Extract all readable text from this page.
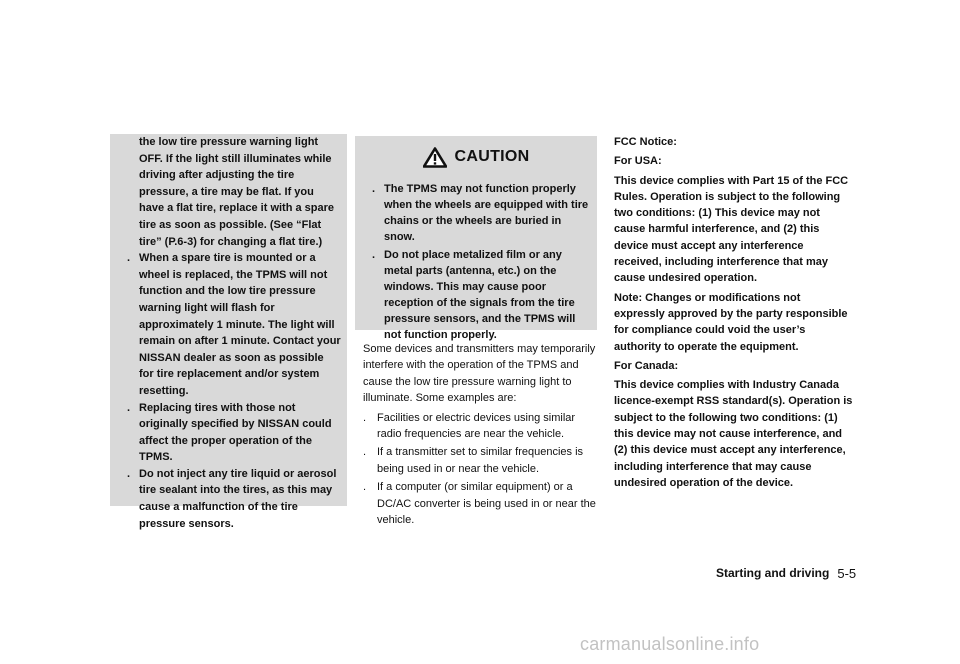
the low tire pressure warning light OFF. If the light still illuminates while driving after adjusting the tire pressure, a tire may be flat. If you have a flat tire, replace it with a spare tire as soon as possible. (See “Flat tire” (P.6-3) for changing a flat tire.)
. When a spare tire is mounted or a wheel is replaced, the TPMS will not function and the low tire pressure warning light will flash for approximately 1 minute. The light will remain on after 1 minute. Contact your NISSAN dealer as soon as possible for tire replacement and/or system resetting.
. Replacing tires with those not originally specified by NISSAN could affect the proper operation of the TPMS.
. Do not inject any tire liquid or aerosol tire sealant into the tires, as this may cause a malfunction of the tire pressure sensors.
CAUTION
. The TPMS may not function properly when the wheels are equipped with tire chains or the wheels are buried in snow.
. Do not place metalized film or any metal parts (antenna, etc.) on the windows. This may cause poor reception of the signals from the tire pressure sensors, and the TPMS will not function properly.

Some devices and transmitters may temporarily interfere with the operation of the TPMS and cause the low tire pressure warning light to illuminate. Some examples are:

. Facilities or electric devices using similar radio frequencies are near the vehicle.
. If a transmitter set to similar frequencies is being used in or near the vehicle.
. If a computer (or similar equipment) or a DC/AC converter is being used in or near the vehicle.

FCC Notice:

For USA:

This device complies with Part 15 of the FCC Rules. Operation is subject to the following two conditions: (1) This device may not cause harmful interference, and (2) this device must accept any interference received, including interference that may cause undesired operation.

Note: Changes or modifications not expressly approved by the party responsible for compliance could void the user’s authority to operate the equipment.

For Canada:

This device complies with Industry Canada licence-exempt RSS standard(s). Operation is subject to the following two conditions: (1) this device may not cause interference, and (2) this device must accept any interference, including interference that may cause undesired operation of the device.

Starting and driving 5-5
carmanualsonline.info
